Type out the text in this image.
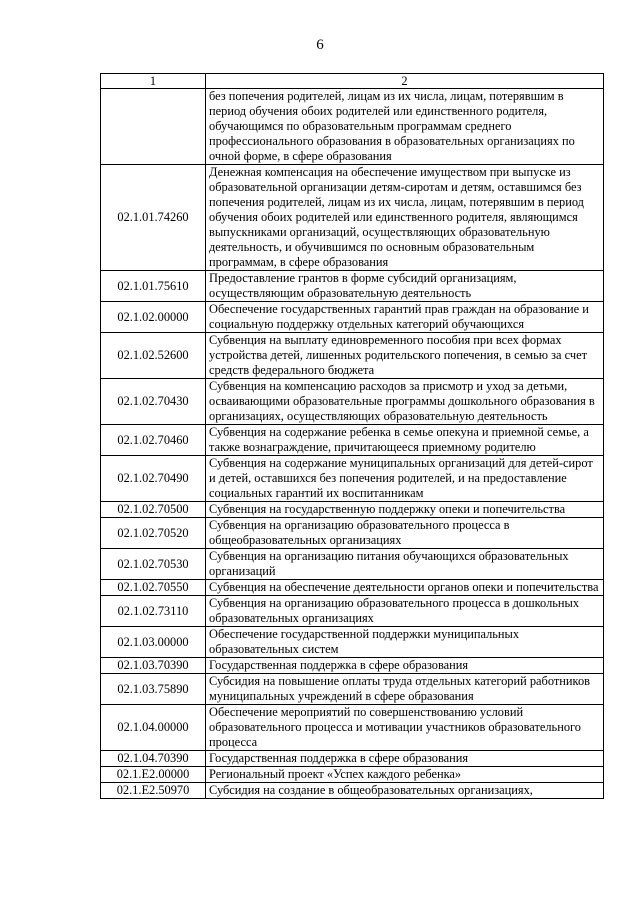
6
1	2
	без попечения родителей, лицам из их числа, лицам, потерявшим в период обучения обоих родителей или единственного родителя, обучающимся по образовательным программам среднего профессионального образования в образовательных организациях по очной форме, в сфере образования
02.1.01.74260	Денежная компенсация на обеспечение имуществом при выпуске из образовательной организации детям-сиротам и детям, оставшимся без попечения родителей, лицам из их числа, лицам, потерявшим в период обучения обоих родителей или единственного родителя, являющимся выпускниками организаций, осуществляющих образовательную деятельность, и обучившимся по основным образовательным программам, в сфере образования
02.1.01.75610	Предоставление грантов в форме субсидий организациям, осуществляющим образовательную деятельность
02.1.02.00000	Обеспечение государственных гарантий прав граждан на образование и социальную поддержку отдельных категорий обучающихся
02.1.02.52600	Субвенция на выплату единовременного пособия при всех формах устройства детей, лишенных родительского попечения, в семью за счет средств федерального бюджета
02.1.02.70430	Субвенция на компенсацию расходов за присмотр и уход за детьми, осваивающими образовательные программы дошкольного образования в организациях, осуществляющих образовательную деятельность
02.1.02.70460	Субвенция на содержание ребенка в семье опекуна и приемной семье, а также вознаграждение, причитающееся приемному родителю
02.1.02.70490	Субвенция на содержание муниципальных организаций для детей-сирот и детей, оставшихся без попечения родителей, и на предоставление социальных гарантий их воспитанникам
02.1.02.70500	Субвенция на государственную поддержку опеки и попечительства
02.1.02.70520	Субвенция на организацию образовательного процесса в общеобразовательных организациях
02.1.02.70530	Субвенция на организацию питания обучающихся образовательных организаций
02.1.02.70550	Субвенция на обеспечение деятельности органов опеки и попечительства
02.1.02.73110	Субвенция на организацию образовательного процесса в дошкольных образовательных организациях
02.1.03.00000	Обеспечение государственной поддержки муниципальных образовательных систем
02.1.03.70390	Государственная поддержка в сфере образования
02.1.03.75890	Субсидия на повышение оплаты труда отдельных категорий работников муниципальных учреждений в сфере образования
02.1.04.00000	Обеспечение мероприятий по совершенствованию условий образовательного процесса и мотивации участников образовательного процесса
02.1.04.70390	Государственная поддержка в сфере образования
02.1.E2.00000	Региональный проект «Успех каждого ребенка»
02.1.E2.50970	Субсидия на создание в общеобразовательных организациях,
